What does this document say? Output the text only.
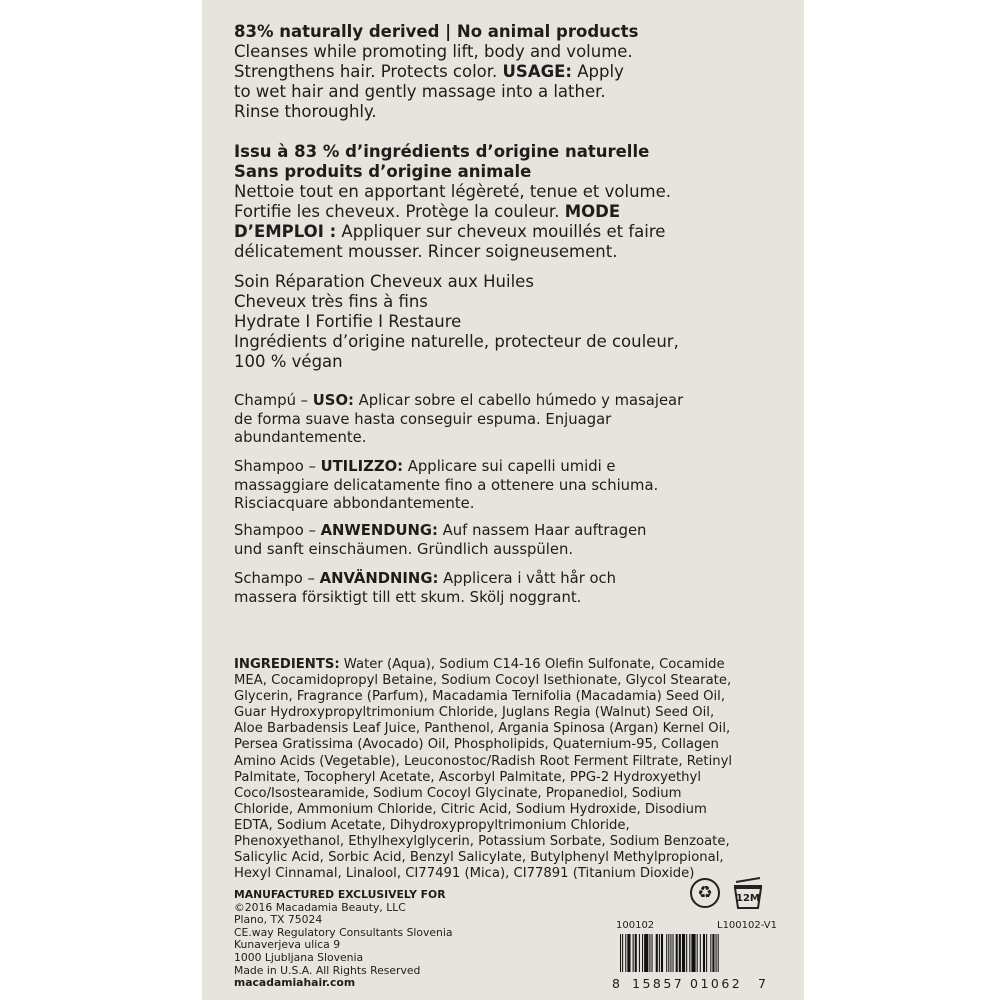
83% naturally derived | No animal products
Cleanses while promoting lift, body and volume.
Strengthens hair. Protects color. USAGE: Apply
to wet hair and gently massage into a lather.
Rinse thoroughly.
Issu à 83 % d’ingrédients d’origine naturelle
Sans produits d’origine animale
Nettoie tout en apportant légèreté, tenue et volume.
Fortifie les cheveux. Protège la couleur. MODE
D’EMPLOI : Appliquer sur cheveux mouillés et faire
délicatement mousser. Rincer soigneusement.
Soin Réparation Cheveux aux Huiles
Cheveux très fins à fins
Hydrate I Fortifie I Restaure
Ingrédients d’origine naturelle, protecteur de couleur,
100 % végan
Champú – USO: Aplicar sobre el cabello húmedo y masajear
de forma suave hasta conseguir espuma. Enjuagar
abundantemente.
Shampoo – UTILIZZO: Applicare sui capelli umidi e
massaggiare delicatamente fino a ottenere una schiuma.
Risciacquare abbondantemente.
Shampoo – ANWENDUNG: Auf nassem Haar auftragen
und sanft einschäumen. Gründlich ausspülen.
Schampo – ANVÄNDNING: Applicera i vått hår och
massera försiktigt till ett skum. Skölj noggrant.
INGREDIENTS: Water (Aqua), Sodium C14-16 Olefin Sulfonate, Cocamide
MEA, Cocamidopropyl Betaine, Sodium Cocoyl Isethionate, Glycol Stearate,
Glycerin, Fragrance (Parfum), Macadamia Ternifolia (Macadamia) Seed Oil,
Guar Hydroxypropyltrimonium Chloride, Juglans Regia (Walnut) Seed Oil,
Aloe Barbadensis Leaf Juice, Panthenol, Argania Spinosa (Argan) Kernel Oil,
Persea Gratissima (Avocado) Oil, Phospholipids, Quaternium-95, Collagen
Amino Acids (Vegetable), Leuconostoc/Radish Root Ferment Filtrate, Retinyl
Palmitate, Tocopheryl Acetate, Ascorbyl Palmitate, PPG-2 Hydroxyethyl
Coco/Isostearamide, Sodium Cocoyl Glycinate, Propanediol, Sodium
Chloride, Ammonium Chloride, Citric Acid, Sodium Hydroxide, Disodium
EDTA, Sodium Acetate, Dihydroxypropyltrimonium Chloride,
Phenoxyethanol, Ethylhexylglycerin, Potassium Sorbate, Sodium Benzoate,
Salicylic Acid, Sorbic Acid, Benzyl Salicylate, Butylphenyl Methylpropional,
Hexyl Cinnamal, Linalool, CI77491 (Mica), CI77891 (Titanium Dioxide)
MANUFACTURED EXCLUSIVELY FOR
©2016 Macadamia Beauty, LLC
Plano, TX 75024
CE.way Regulatory Consultants Slovenia
Kunaverjeva ulica 9
1000 Ljubljana Slovenia
Made in U.S.A. All Rights Reserved
macadamiahair.com
♻	12M
100102	L100102-V1
8 15857 01062 7
